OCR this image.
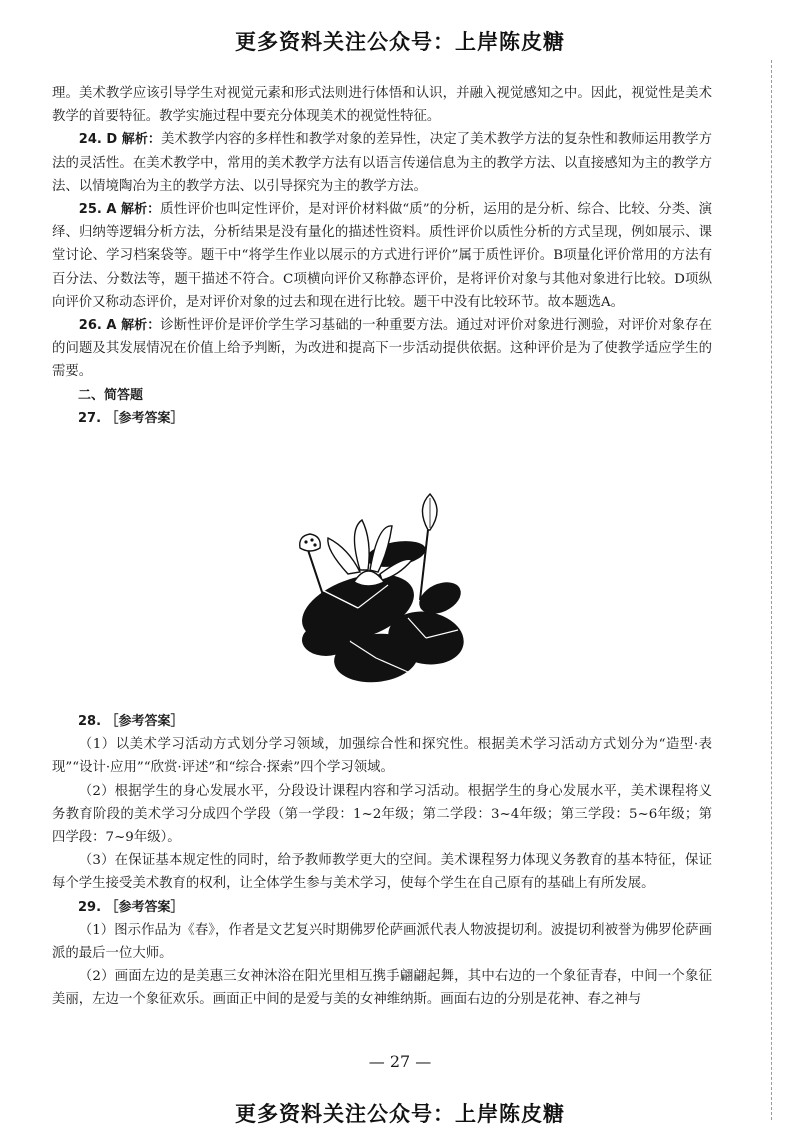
更多资料关注公众号：上岸陈皮糖

理。美术教学应该引导学生对视觉元素和形式法则进行体悟和认识，并融入视觉感知之中。因此，视觉性是美术教学的首要特征。教学实施过程中要充分体现美术的视觉性特征。

24. D 解析：美术教学内容的多样性和教学对象的差异性，决定了美术教学方法的复杂性和教师运用教学方法的灵活性。在美术教学中，常用的美术教学方法有以语言传递信息为主的教学方法、以直接感知为主的教学方法、以情境陶冶为主的教学方法、以引导探究为主的教学方法。

25. A 解析：质性评价也叫定性评价，是对评价材料做“质”的分析，运用的是分析、综合、比较、分类、演绎、归纳等逻辑分析方法，分析结果是没有量化的描述性资料。质性评价以质性分析的方式呈现，例如展示、课堂讨论、学习档案袋等。题干中“将学生作业以展示的方式进行评价”属于质性评价。B项量化评价常用的方法有百分法、分数法等，题干描述不符合。C项横向评价又称静态评价，是将评价对象与其他对象进行比较。D项纵向评价又称动态评价，是对评价对象的过去和现在进行比较。题干中没有比较环节。故本题选A。

26. A 解析：诊断性评价是评价学生学习基础的一种重要方法。通过对评价对象进行测验，对评价对象存在的问题及其发展情况在价值上给予判断，为改进和提高下一步活动提供依据。这种评价是为了使教学适应学生的需要。

二、简答题

27. ［参考答案］

28. ［参考答案］

（1）以美术学习活动方式划分学习领域，加强综合性和探究性。根据美术学习活动方式划分为“造型·表现”“设计·应用”“欣赏·评述”和“综合·探索”四个学习领域。

（2）根据学生的身心发展水平，分段设计课程内容和学习活动。根据学生的身心发展水平，美术课程将义务教育阶段的美术学习分成四个学段（第一学段：1~2年级；第二学段：3~4年级；第三学段：5~6年级；第四学段：7~9年级）。

（3）在保证基本规定性的同时，给予教师教学更大的空间。美术课程努力体现义务教育的基本特征，保证每个学生接受美术教育的权利，让全体学生参与美术学习，使每个学生在自己原有的基础上有所发展。

29. ［参考答案］

（1）图示作品为《春》，作者是文艺复兴时期佛罗伦萨画派代表人物波提切利。波提切利被誉为佛罗伦萨画派的最后一位大师。

（2）画面左边的是美惠三女神沐浴在阳光里相互携手翩翩起舞，其中右边的一个象征青春，中间一个象征美丽，左边一个象征欢乐。画面正中间的是爱与美的女神维纳斯。画面右边的分别是花神、春之神与

— 27 —
更多资料关注公众号：上岸陈皮糖
